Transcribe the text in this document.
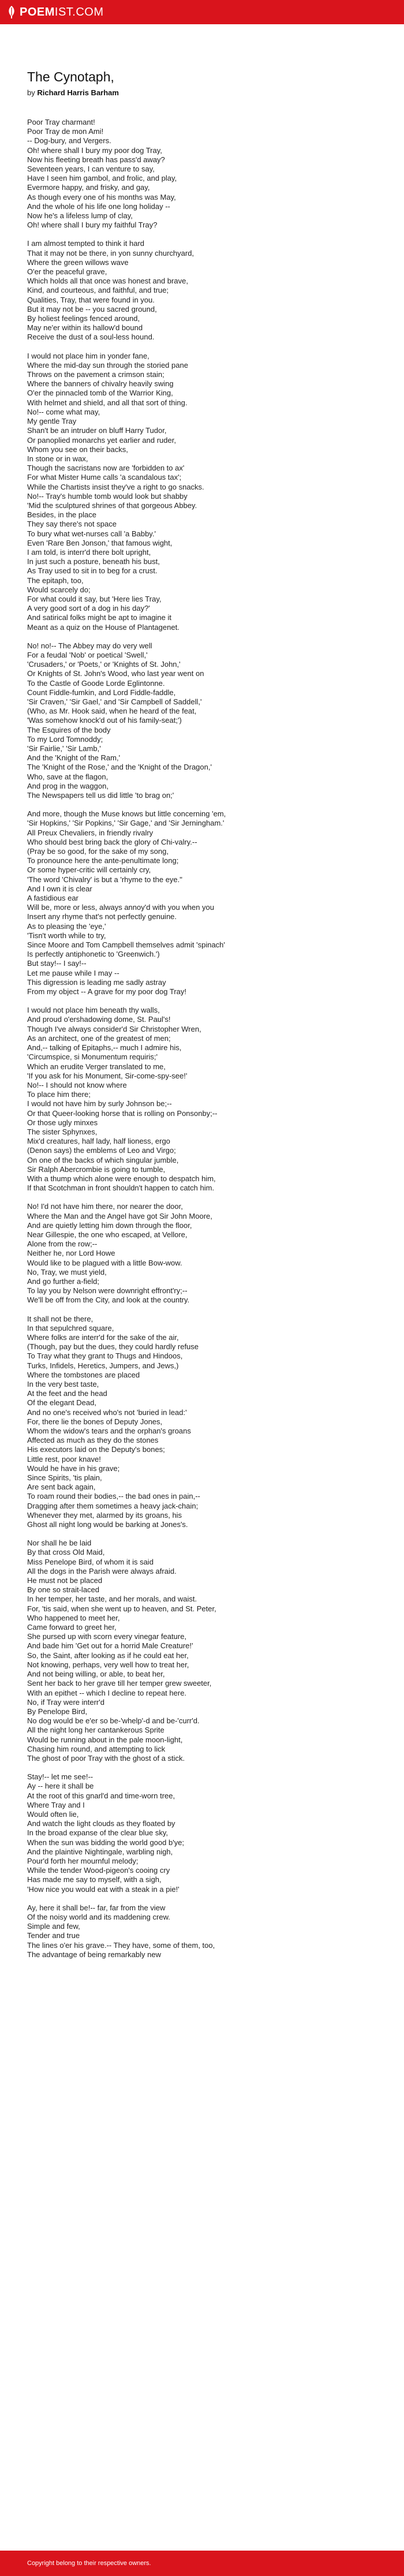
POEM IST.COM
The Cynotaph,
by Richard Harris Barham
Poor Tray charmant!
Poor Tray de mon Ami!
-- Dog-bury, and Vergers.
Oh! where shall I bury my poor dog Tray,
Now his fleeting breath has pass'd away?
Seventeen years, I can venture to say,
Have I seen him gambol, and frolic, and play,
Evermore happy, and frisky, and gay,
As though every one of his months was May,
And the whole of his life one long holiday --
Now he's a lifeless lump of clay,
Oh! where shall I bury my faithful Tray?
I am almost tempted to think it hard
That it may not be there, in yon sunny churchyard,
Where the green willows wave
O'er the peaceful grave,
Which holds all that once was honest and brave,
Kind, and courteous, and faithful, and true;
Qualities, Tray, that were found in you.
But it may not be -- you sacred ground,
By holiest feelings fenced around,
May ne'er within its hallow'd bound
Receive the dust of a soul-less hound.
I would not place him in yonder fane,
Where the mid-day sun through the storied pane
Throws on the pavement a crimson stain;
Where the banners of chivalry heavily swing
O'er the pinnacled tomb of the Warrior King,
With helmet and shield, and all that sort of thing.
No!-- come what may,
My gentle Tray
Shan't be an intruder on bluff Harry Tudor,
Or panoplied monarchs yet earlier and ruder,
Whom you see on their backs,
In stone or in wax,
Though the sacristans now are 'forbidden to ax'
For what Mister Hume calls 'a scandalous tax';
While the Chartists insist they've a right to go snacks.
No!-- Tray's humble tomb would look but shabby
'Mid the sculptured shrines of that gorgeous Abbey.
Besides, in the place
They say there's not space
To bury what wet-nurses call 'a Babby.'
Even 'Rare Ben Jonson,' that famous wight,
I am told, is interr'd there bolt upright,
In just such a posture, beneath his bust,
As Tray used to sit in to beg for a crust.
The epitaph, too,
Would scarcely do;
For what could it say, but 'Here lies Tray,
A very good sort of a dog in his day?'
And satirical folks might be apt to imagine it
Meant as a quiz on the House of Plantagenet.
No! no!-- The Abbey may do very well
For a feudal 'Nob' or poetical 'Swell,'
'Crusaders,' or 'Poets,' or 'Knights of St. John,'
Or Knights of St. John's Wood, who last year went on
To the Castle of Goode Lorde Eglintonne.
Count Fiddle-fumkin, and Lord Fiddle-faddle,
'Sir Craven,' 'Sir Gael,' and 'Sir Campbell of Saddell,'
(Who, as Mr. Hook said, when he heard of the feat,
'Was somehow knock'd out of his family-seat;')
The Esquires of the body
To my Lord Tomnoddy;
'Sir Fairlie,' 'Sir Lamb,'
And the 'Knight of the Ram,'
The 'Knight of the Rose,' and the 'Knight of the Dragon,'
Who, save at the flagon,
And prog in the waggon,
The Newspapers tell us did little 'to brag on;'
And more, though the Muse knows but little concerning 'em,
'Sir Hopkins,' 'Sir Popkins,' 'Sir Gage,' and 'Sir Jerningham.'
All Preux Chevaliers, in friendly rivalry
Who should best bring back the glory of Chi-valry.--
(Pray be so good, for the sake of my song,
To pronounce here the ante-penultimate long;
Or some hyper-critic will certainly cry,
'The word 'Chivalry' is but a 'rhyme to the eye."
And I own it is clear
A fastidious ear
Will be, more or less, always annoy'd with you when you
Insert any rhyme that's not perfectly genuine.
As to pleasing the 'eye,'
'Tisn't worth while to try,
Since Moore and Tom Campbell themselves admit 'spinach'
Is perfectly antiphonetic to 'Greenwich.')
But stay!-- I say!--
Let me pause while I may --
This digression is leading me sadly astray
From my object -- A grave for my poor dog Tray!
I would not place him beneath thy walls,
And proud o'ershadowing dome, St. Paul's!
Though I've always consider'd Sir Christopher Wren,
As an architect, one of the greatest of men;
And,-- talking of Epitaphs,-- much I admire his,
'Circumspice, si Monumentum requiris;'
Which an erudite Verger translated to me,
'If you ask for his Monument, Sir-come-spy-see!'
No!-- I should not know where
To place him there;
I would not have him by surly Johnson be;--
Or that Queer-looking horse that is rolling on Ponsonby;--
Or those ugly minxes
The sister Sphynxes,
Mix'd creatures, half lady, half lioness, ergo
(Denon says) the emblems of Leo and Virgo;
On one of the backs of which singular jumble,
Sir Ralph Abercrombie is going to tumble,
With a thump which alone were enough to despatch him,
If that Scotchman in front shouldn't happen to catch him.
No! I'd not have him there, nor nearer the door,
Where the Man and the Angel have got Sir John Moore,
And are quietly letting him down through the floor,
Near Gillespie, the one who escaped, at Vellore,
Alone from the row;--
Neither he, nor Lord Howe
Would like to be plagued with a little Bow-wow.
No, Tray, we must yield,
And go further a-field;
To lay you by Nelson were downright effront'ry;--
We'll be off from the City, and look at the country.
It shall not be there,
In that sepulchred square,
Where folks are interr'd for the sake of the air,
(Though, pay but the dues, they could hardly refuse
To Tray what they grant to Thugs and Hindoos,
Turks, Infidels, Heretics, Jumpers, and Jews,)
Where the tombstones are placed
In the very best taste,
At the feet and the head
Of the elegant Dead,
And no one's received who's not 'buried in lead:'
For, there lie the bones of Deputy Jones,
Whom the widow's tears and the orphan's groans
Affected as much as they do the stones
His executors laid on the Deputy's bones;
Little rest, poor knave!
Would he have in his grave;
Since Spirits, 'tis plain,
Are sent back again,
To roam round their bodies,-- the bad ones in pain,--
Dragging after them sometimes a heavy jack-chain;
Whenever they met, alarmed by its groans, his
Ghost all night long would be barking at Jones's.
Nor shall he be laid
By that cross Old Maid,
Miss Penelope Bird, of whom it is said
All the dogs in the Parish were always afraid.
He must not be placed
By one so strait-laced
In her temper, her taste, and her morals, and waist.
For, 'tis said, when she went up to heaven, and St. Peter,
Who happened to meet her,
Came forward to greet her,
She pursed up with scorn every vinegar feature,
And bade him 'Get out for a horrid Male Creature!'
So, the Saint, after looking as if he could eat her,
Not knowing, perhaps, very well how to treat her,
And not being willing, or able, to beat her,
Sent her back to her grave till her temper grew sweeter,
With an epithet -- which I decline to repeat here.
No, if Tray were interr'd
By Penelope Bird,
No dog would be e'er so be-'whelp'-d and be-'curr'd.
All the night long her cantankerous Sprite
Would be running about in the pale moon-light,
Chasing him round, and attempting to lick
The ghost of poor Tray with the ghost of a stick.
Stay!-- let me see!--
Ay -- here it shall be
At the root of this gnarl'd and time-worn tree,
Where Tray and I
Would often lie,
And watch the light clouds as they floated by
In the broad expanse of the clear blue sky,
When the sun was bidding the world good b'ye;
And the plaintive Nightingale, warbling nigh,
Pour'd forth her mournful melody;
While the tender Wood-pigeon's cooing cry
Has made me say to myself, with a sigh,
'How nice you would eat with a steak in a pie!'
Ay, here it shall be!-- far, far from the view
Of the noisy world and its maddening crew.
Simple and few,
Tender and true
The lines o'er his grave.-- They have, some of them, too,
The advantage of being remarkably new
Copyright belong to their respective owners.
